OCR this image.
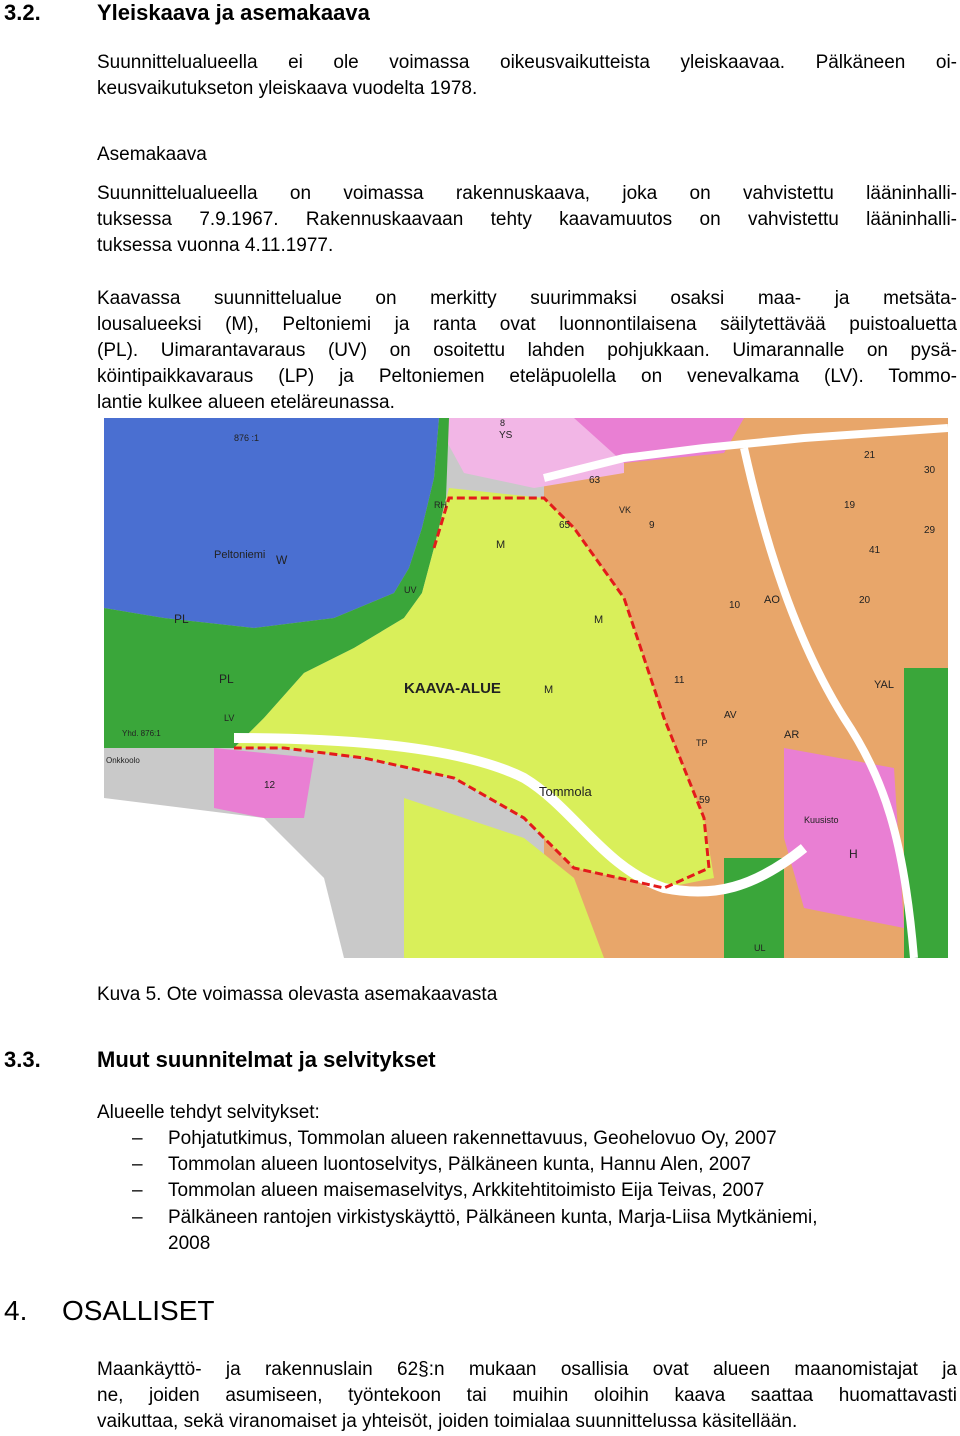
3.2.	Yleiskaava ja asemakaava
Suunnittelualueella ei ole voimassa oikeusvaikutteista yleiskaavaa. Pälkäneen oi-
keusvaikutukseton yleiskaava vuodelta 1978.
Asemakaava
Suunnittelualueella on voimassa rakennuskaava, joka on vahvistettu lääninhalli-
tuksessa 7.9.1967. Rakennuskaavaan tehty kaavamuutos on vahvistettu lääninhalli-
tuksessa vuonna 4.11.1977.
Kaavassa suunnittelualue on merkitty suurimmaksi osaksi maa- ja metsäta-
lousalueeksi (M), Peltoniemi ja ranta ovat luonnontilaisena säilytettävää puistoaluetta
(PL). Uimarantavaraus (UV) on osoitettu lahden pohjukkaan. Uimarannalle on pysä-
köintipaikkavaraus (LP) ja Peltoniemen eteläpuolella on venevalkama (LV). Tommo-
lantie kulkee alueen eteläreunassa.
KAAVA-ALUE
Tommola
Peltoniemi W
PL
PL
M
M
M
AO
AR
YAL
H
Kuusisto
YS
19
21
30
29
41
20
10
11
12
59
9
65
63
8
AV
RH
UV
LV
VK
TP
UL
Onkkoolo
876 :1
Yhd. 876:1
Kuva 5. Ote voimassa olevasta asemakaavasta
3.3.	Muut suunnitelmat ja selvitykset
Alueelle tehdyt selvitykset:
– Pohjatutkimus, Tommolan alueen rakennettavuus, Geohelovuo Oy, 2007
– Tommolan alueen luontoselvitys, Pälkäneen kunta, Hannu Alen, 2007
– Tommolan alueen maisemaselvitys, Arkkitehtitoimisto Eija Teivas, 2007
– Pälkäneen rantojen virkistyskäyttö, Pälkäneen kunta, Marja-Liisa Mytkäniemi,
2008
4. OSALLISET
Maankäyttö- ja rakennuslain 62§:n mukaan osallisia ovat alueen maanomistajat ja
ne, joiden asumiseen, työntekoon tai muihin oloihin kaava saattaa huomattavasti
vaikuttaa, sekä viranomaiset ja yhteisöt, joiden toimialaa suunnittelussa käsitellään.
